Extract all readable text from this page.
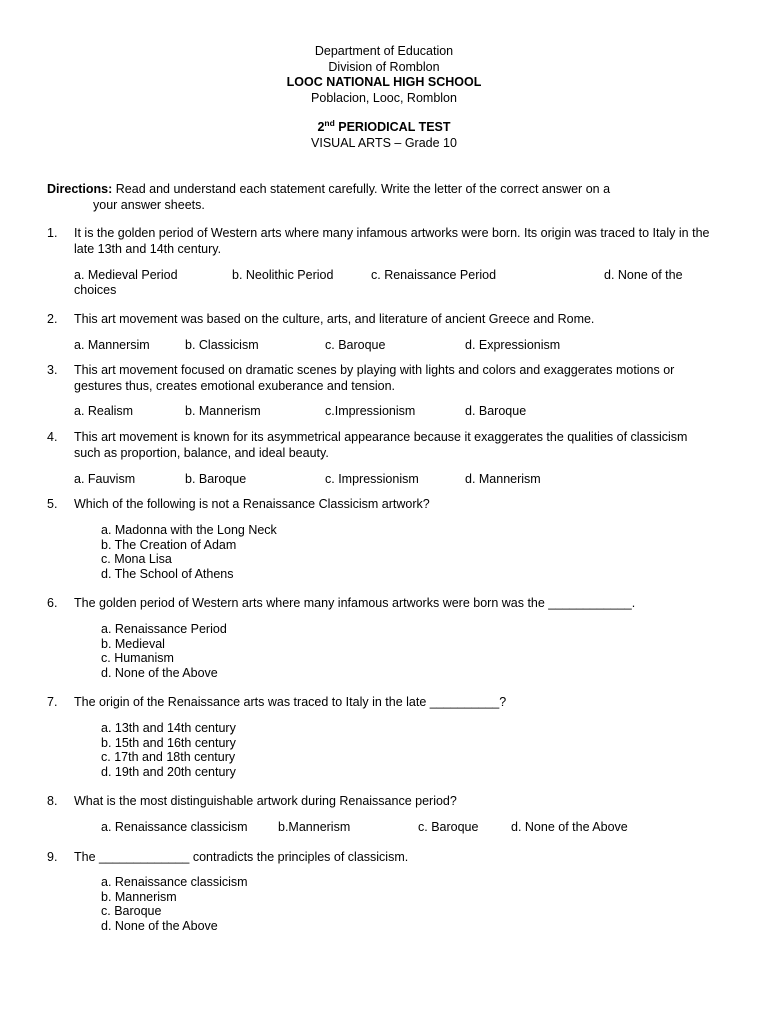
Department of Education
Division of Romblon
LOOC NATIONAL HIGH SCHOOL
Poblacion, Looc, Romblon
2nd PERIODICAL TEST
VISUAL ARTS – Grade 10
Directions: Read and understand each statement carefully. Write the letter of the correct answer on a
your answer sheets.
1. It is the golden period of Western arts where many infamous artworks were born. Its origin was traced to Italy in the late 13th and 14th century.
a. Medieval Period	b. Neolithic Period	c. Renaissance Period	d. None of the
choices
2. This art movement was based on the culture, arts, and literature of ancient Greece and Rome.
a. Mannersim	b. Classicism	c. Baroque	d. Expressionism
3. This art movement focused on dramatic scenes by playing with lights and colors and exaggerates motions or gestures thus, creates emotional exuberance and tension.
a. Realism	b. Mannerism	c.Impressionism	d. Baroque
4. This art movement is known for its asymmetrical appearance because it exaggerates the qualities of classicism such as proportion, balance, and ideal beauty.
a. Fauvism	b. Baroque	c. Impressionism	d. Mannerism
5. Which of the following is not a Renaissance Classicism artwork?
a. Madonna with the Long Neck
b. The Creation of Adam
c. Mona Lisa
d. The School of Athens
6. The golden period of Western arts where many infamous artworks were born was the ____________.
a. Renaissance Period
b. Medieval
c. Humanism
d. None of the Above
7. The origin of the Renaissance arts was traced to Italy in the late __________?
a. 13th and 14th century
b. 15th and 16th century
c. 17th and 18th century
d. 19th and 20th century
8. What is the most distinguishable artwork during Renaissance period?
a. Renaissance classicism b.Mannerism	c. Baroque	d. None of the Above
9. The _____________ contradicts the principles of classicism.
a. Renaissance classicism
b. Mannerism
c. Baroque
d. None of the Above
